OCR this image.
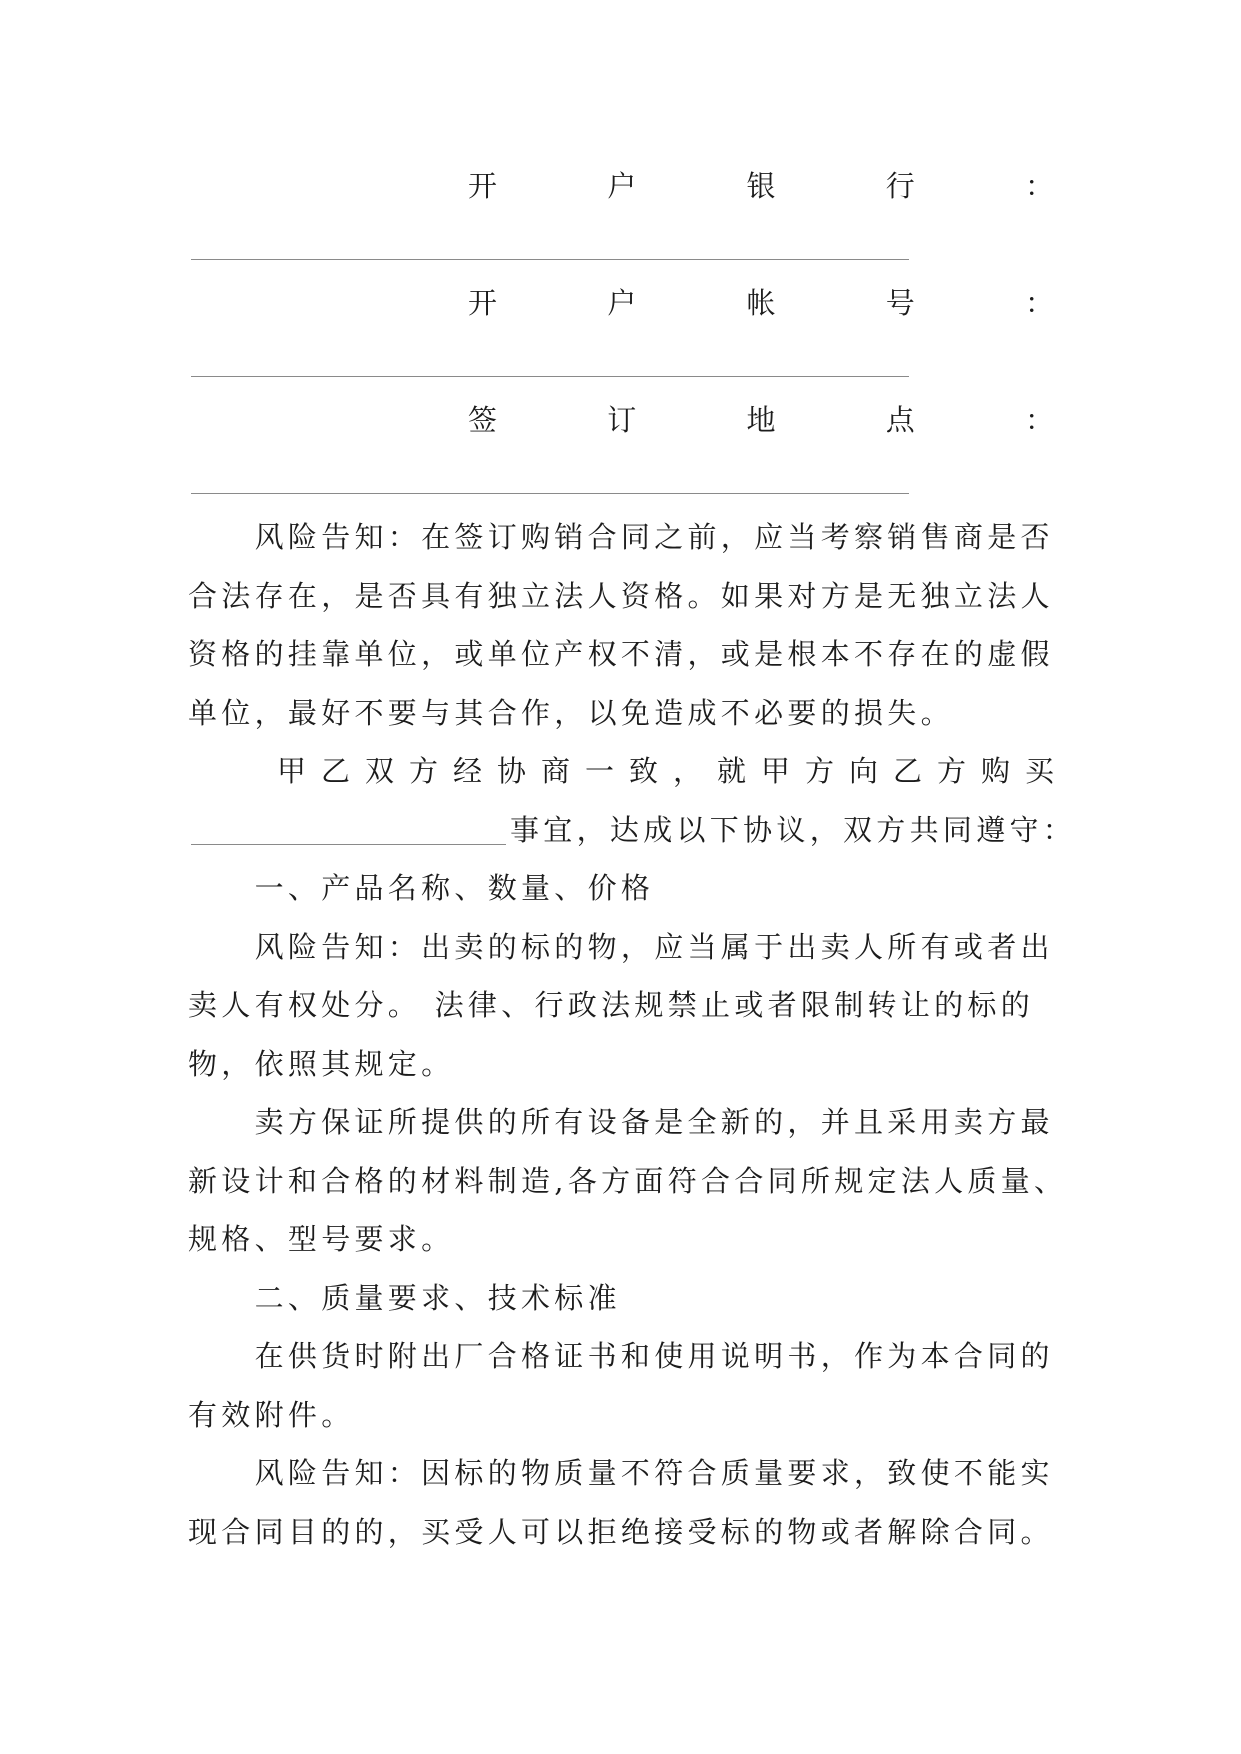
开户银行：
开户帐号：
签订地点：
风险告知：在签订购销合同之前，应当考察销售商是否
合法存在，是否具有独立法人资格。如果对方是无独立法人
资格的挂靠单位，或单位产权不清，或是根本不存在的虚假
单位，最好不要与其合作，以免造成不必要的损失。
甲乙双方经协商一致，就甲方向乙方购买
事宜，达成以下协议，双方共同遵守：
一、产品名称、数量、价格
风险告知：出卖的标的物，应当属于出卖人所有或者出
卖人有权处分。 法律、行政法规禁止或者限制转让的标的
物，依照其规定。
卖方保证所提供的所有设备是全新的，并且采用卖方最
新设计和合格的材料制造,各方面符合合同所规定法人质量、
规格、型号要求。
二、质量要求、技术标准
在供货时附出厂合格证书和使用说明书，作为本合同的
有效附件。
风险告知：因标的物质量不符合质量要求，致使不能实
现合同目的的，买受人可以拒绝接受标的物或者解除合同。
